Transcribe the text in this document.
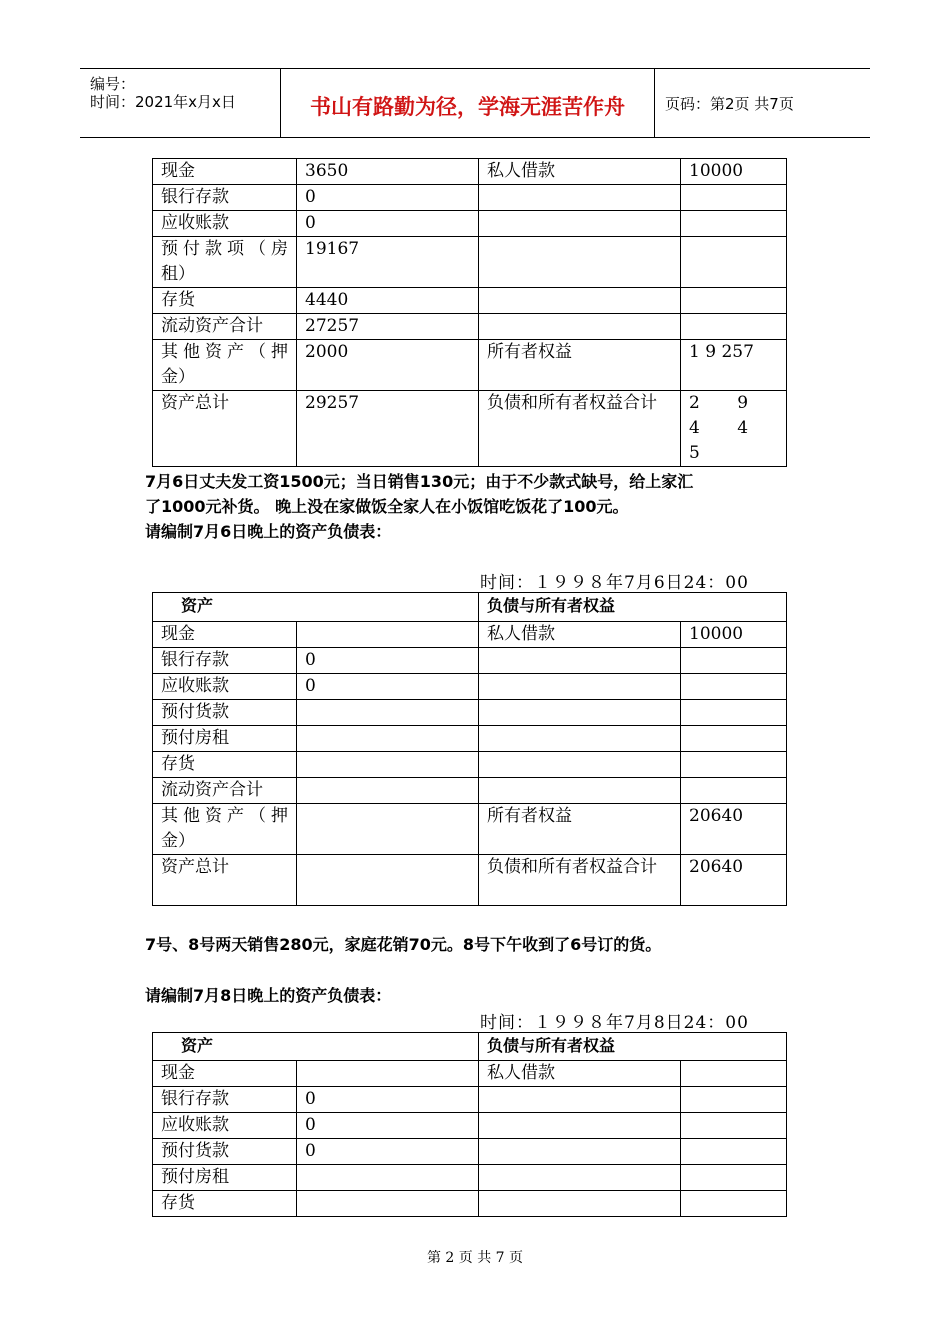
编号：
时间：2021年x月x日	书山有路勤为径，学海无涯苦作舟	页码：第2页 共7页
现金	3650	私人借款	10000
银行存款	0		
应收账款	0		
预付款项（房租）	19167		
存货	4440		
流动资产合计	27257		
其他资产（押金）	2000	所有者权益	1 9 257
资产总计	29257	负债和所有者权益合计	2 9 4 4 5
7月6日丈夫发工资1500元；当日销售130元；由于不少款式缺号，给上家汇
了1000元补货。 晚上没在家做饭全家人在小饭馆吃饭花了100元。
请编制7月6日晚上的资产负债表：
时间：１９９８年7月6日24：00
资产		负债与所有者权益	
现金		私人借款	10000
银行存款	0		
应收账款	0		
预付货款			
预付房租			
存货			
流动资产合计			
其他资产（押金）		所有者权益	20640
资产总计		负债和所有者权益合计	20640
7号、8号两天销售280元，家庭花销70元。8号下午收到了6号订的货。
请编制7月8日晚上的资产负债表：
时间：１９９８年7月8日24：00
资产		负债与所有者权益	
现金		私人借款	
银行存款	0		
应收账款	0		
预付货款	0		
预付房租			
存货			
第 2 页 共 7 页
